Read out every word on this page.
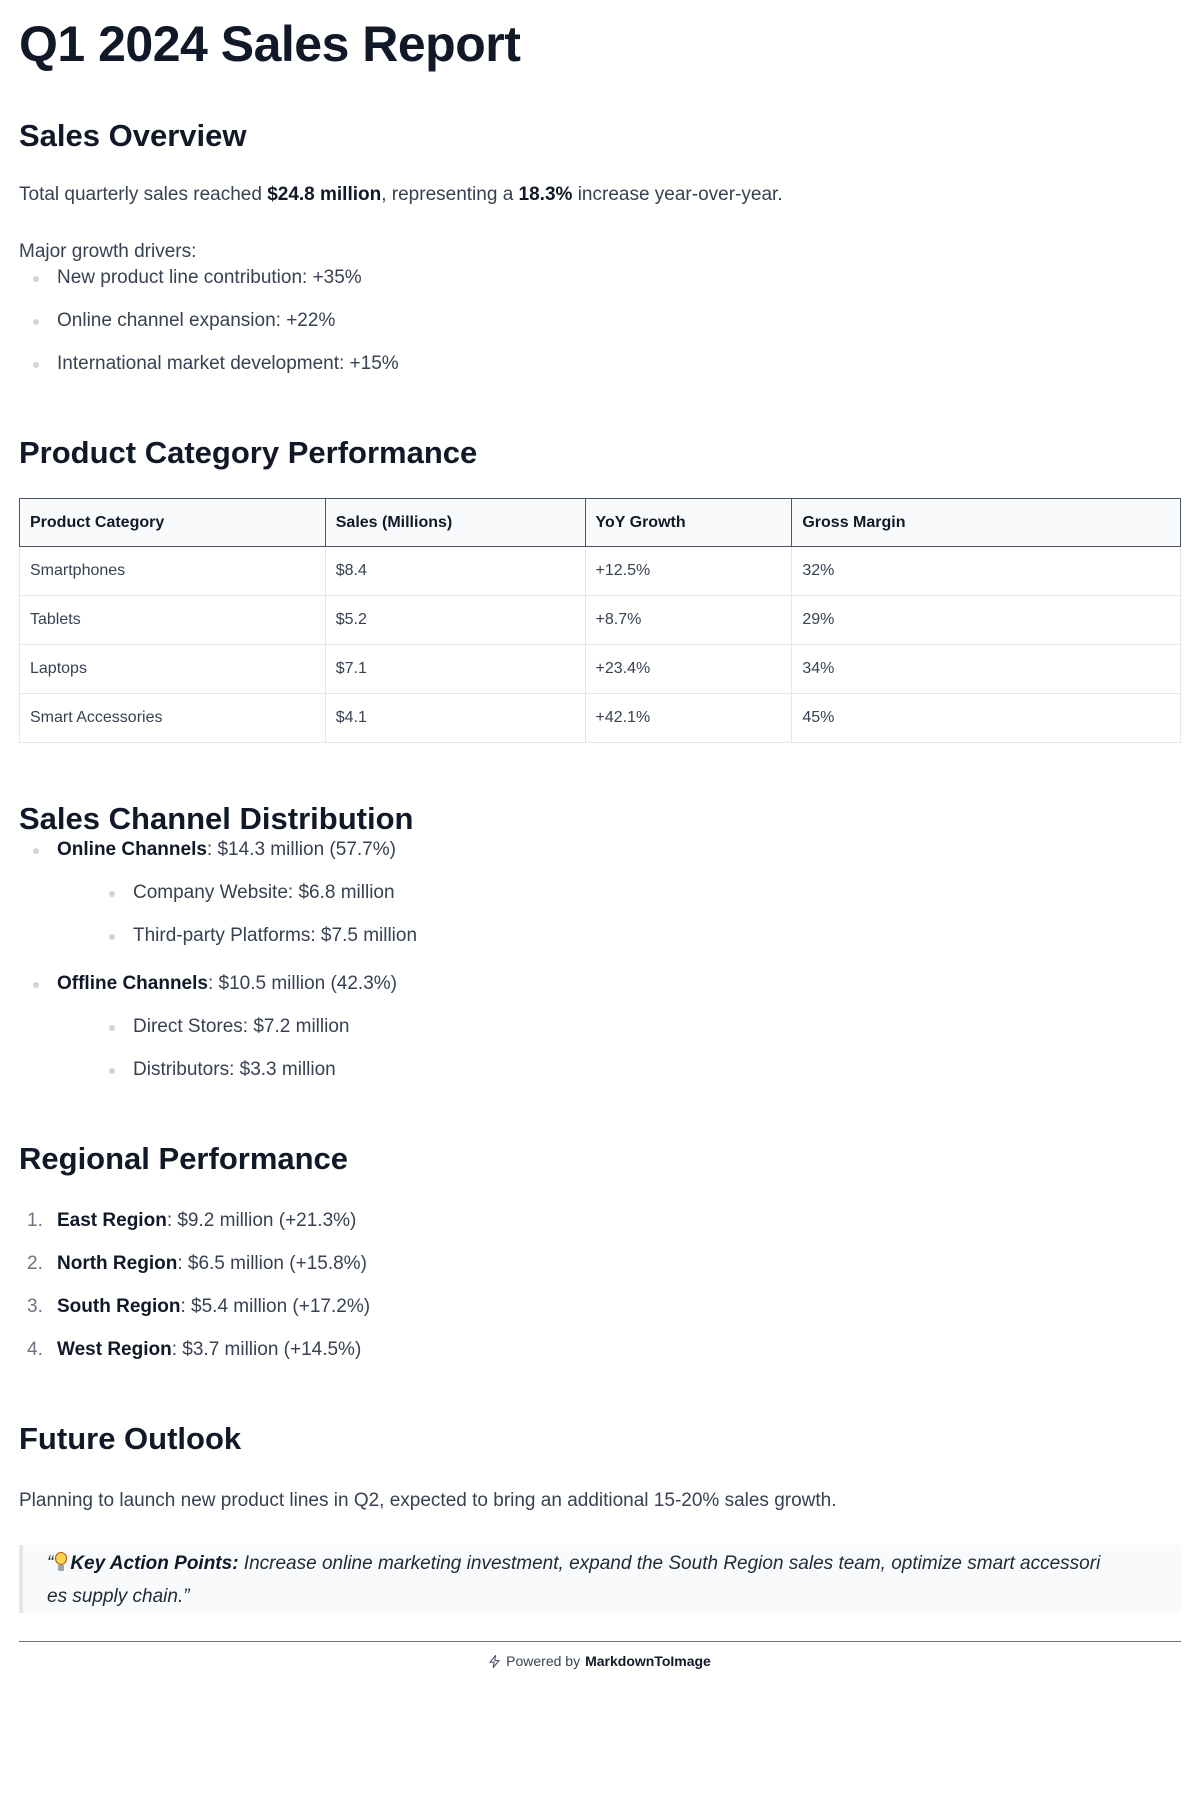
Q1 2024 Sales Report
Sales Overview

Total quarterly sales reached $24.8 million, representing a 18.3% increase year-over-year.

Major growth drivers:

New product line contribution: +35%
Online channel expansion: +22%
International market development: +15%
Product Category Performance
Product Category	Sales (Millions)	YoY Growth	Gross Margin
Smartphones	$8.4	+12.5%	32%
Tablets	$5.2	+8.7%	29%
Laptops	$7.1	+23.4%	34%
Smart Accessories	$4.1	+42.1%	45%
Sales Channel Distribution
Online Channels: $14.3 million (57.7%)
Company Website: $6.8 million
Third-party Platforms: $7.5 million
Offline Channels: $10.5 million (42.3%)
Direct Stores: $7.2 million
Distributors: $3.3 million
Regional Performance
1. East Region: $9.2 million (+21.3%)
2. North Region: $6.5 million (+15.8%)
3. South Region: $5.4 million (+17.2%)
4. West Region: $3.7 million (+14.5%)
Future Outlook

Planning to launch new product lines in Q2, expected to bring an additional 15-20% sales growth.

“ Key Action Points: Increase online marketing investment, expand the South Region sales team, optimize smart accessori
es supply chain.”

Powered by MarkdownToImage
